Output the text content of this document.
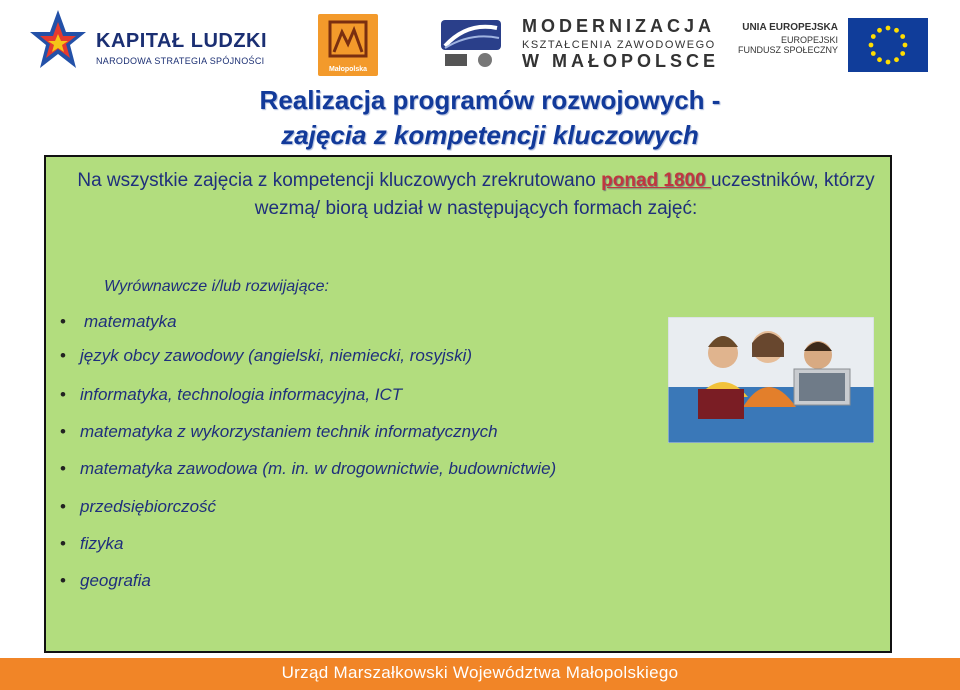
KAPITAŁ LUDZKI
NARODOWA STRATEGIA SPÓJNOŚCI
Małopolska
MODERNIZACJA
KSZTAŁCENIA ZAWODOWEGO
W MAŁOPOLSCE
UNIA EUROPEJSKA
EUROPEJSKI
FUNDUSZ SPOŁECZNY
Realizacja programów rozwojowych -
zajęcia z kompetencji kluczowych
Na wszystkie zajęcia z kompetencji kluczowych zrekrutowano ponad 1800 uczestników, którzy wezmą/ biorą udział w następujących formach zajęć:
Wyrównawcze i/lub rozwijające:
• matematyka
• język obcy zawodowy (angielski, niemiecki, rosyjski)
• informatyka, technologia informacyjna, ICT
• matematyka z wykorzystaniem technik informatycznych
• matematyka zawodowa (m. in. w drogownictwie, budownictwie)
• przedsiębiorczość
• fizyka
• geografia
Urząd Marszałkowski Województwa Małopolskiego
